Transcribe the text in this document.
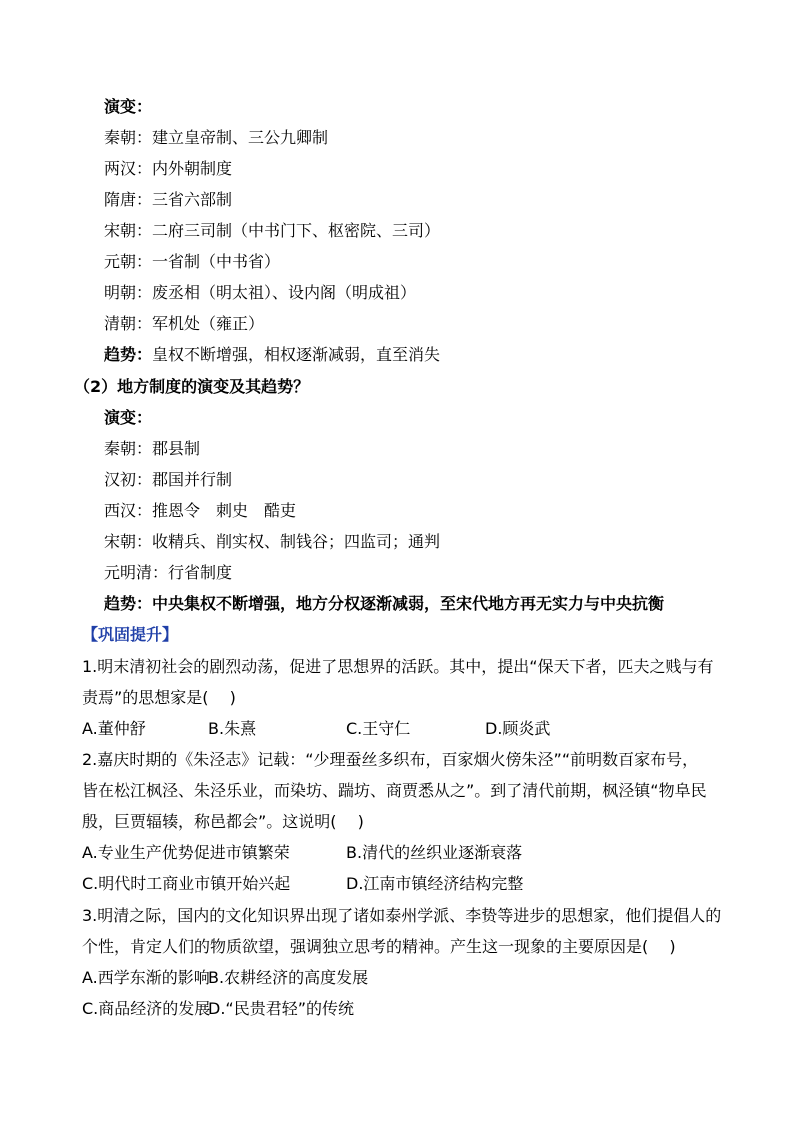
演变：
秦朝：建立皇帝制、三公九卿制
两汉：内外朝制度
隋唐：三省六部制
宋朝：二府三司制（中书门下、枢密院、三司）
元朝：一省制（中书省）
明朝：废丞相（明太祖）、设内阁（明成祖）
清朝：军机处（雍正）
趋势：皇权不断增强，相权逐渐减弱，直至消失
（2）地方制度的演变及其趋势？
演变：
秦朝：郡县制
汉初：郡国并行制
西汉：推恩令　刺史　酷吏
宋朝：收精兵、削实权、制钱谷；四监司；通判
元明清：行省制度
趋势：中央集权不断增强，地方分权逐渐减弱，至宋代地方再无实力与中央抗衡
【巩固提升】
1.明末清初社会的剧烈动荡，促进了思想界的活跃。其中，提出“保天下者，匹夫之贱与有
责焉”的思想家是(　 )
A.董仲舒	B.朱熹	C.王守仁	D.顾炎武
2.嘉庆时期的《朱泾志》记载：“少理蚕丝多织布，百家烟火傍朱泾”“前明数百家布号，
皆在松江枫泾、朱泾乐业，而染坊、踹坊、商贾悉从之”。到了清代前期，枫泾镇“物阜民
殷，巨贾辐辏，称邑都会”。这说明(　 )
A.专业生产优势促进市镇繁荣	B.清代的丝织业逐渐衰落
C.明代时工商业市镇开始兴起	D.江南市镇经济结构完整
3.明清之际，国内的文化知识界出现了诸如泰州学派、李贽等进步的思想家，他们提倡人的
个性，肯定人们的物质欲望，强调独立思考的精神。产生这一现象的主要原因是(　 )
A.西学东渐的影响
B.农耕经济的高度发展
C.商品经济的发展
D.“民贵君轻”的传统
